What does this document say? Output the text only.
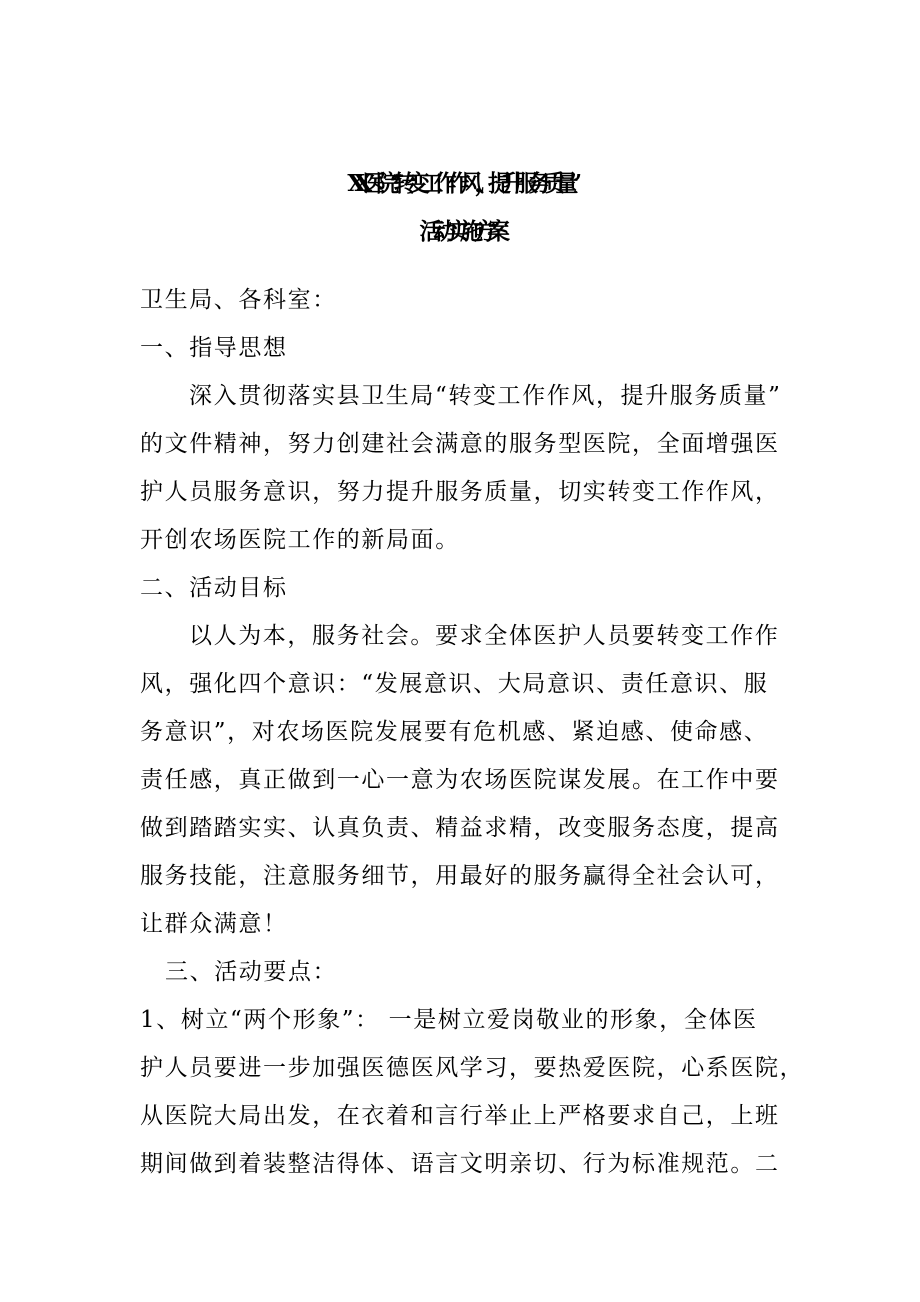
X X医院“转变工作作风，提升服务质量”
活动实施方案
卫生局、各科室：
一、指导思想
深入贯彻落实县卫生局“转变工作作风，提升服务质量”
的文件精神，努力创建社会满意的服务型医院，全面增强医
护人员服务意识，努力提升服务质量，切实转变工作作风，
开创农场医院工作的新局面。
二、活动目标
以人为本，服务社会。要求全体医护人员要转变工作作
风，强化四个意识：“发展意识、大局意识、责任意识、服
务意识”，对农场医院发展要有危机感、紧迫感、使命感、
责任感，真正做到一心一意为农场医院谋发展。在工作中要
做到踏踏实实、认真负责、精益求精，改变服务态度，提高
服务技能，注意服务细节，用最好的服务赢得全社会认可，
让群众满意！
三、活动要点：
1、树立“两个形象”： 一是树立爱岗敬业的形象，全体医
护人员要进一步加强医德医风学习，要热爱医院，心系医院，
从医院大局出发，在衣着和言行举止上严格要求自己，上班
期间做到着装整洁得体、语言文明亲切、行为标准规范。二
